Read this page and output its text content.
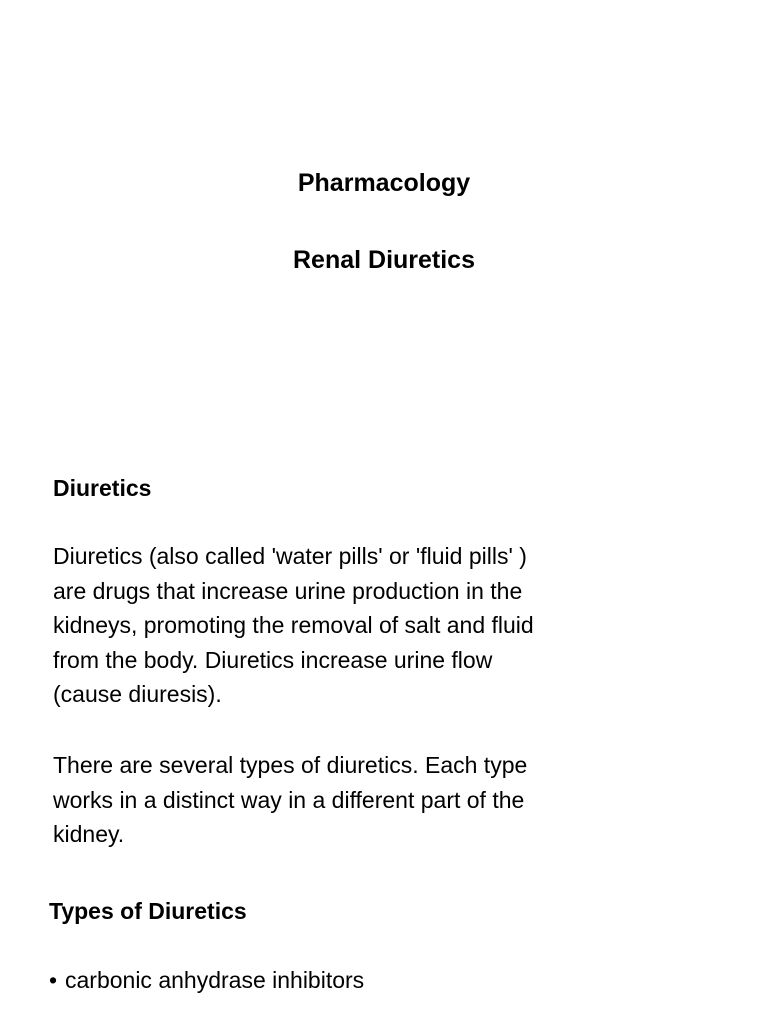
Pharmacology
Renal Diuretics
Diuretics

Diuretics (also called 'water pills' or 'fluid pills' )
are drugs that increase urine production in the
kidneys, promoting the removal of salt and fluid
from the body. Diuretics increase urine flow
(cause diuresis).

There are several types of diuretics. Each type
works in a distinct way in a different part of the
kidney.

Types of Diuretics
• carbonic anhydrase inhibitors
